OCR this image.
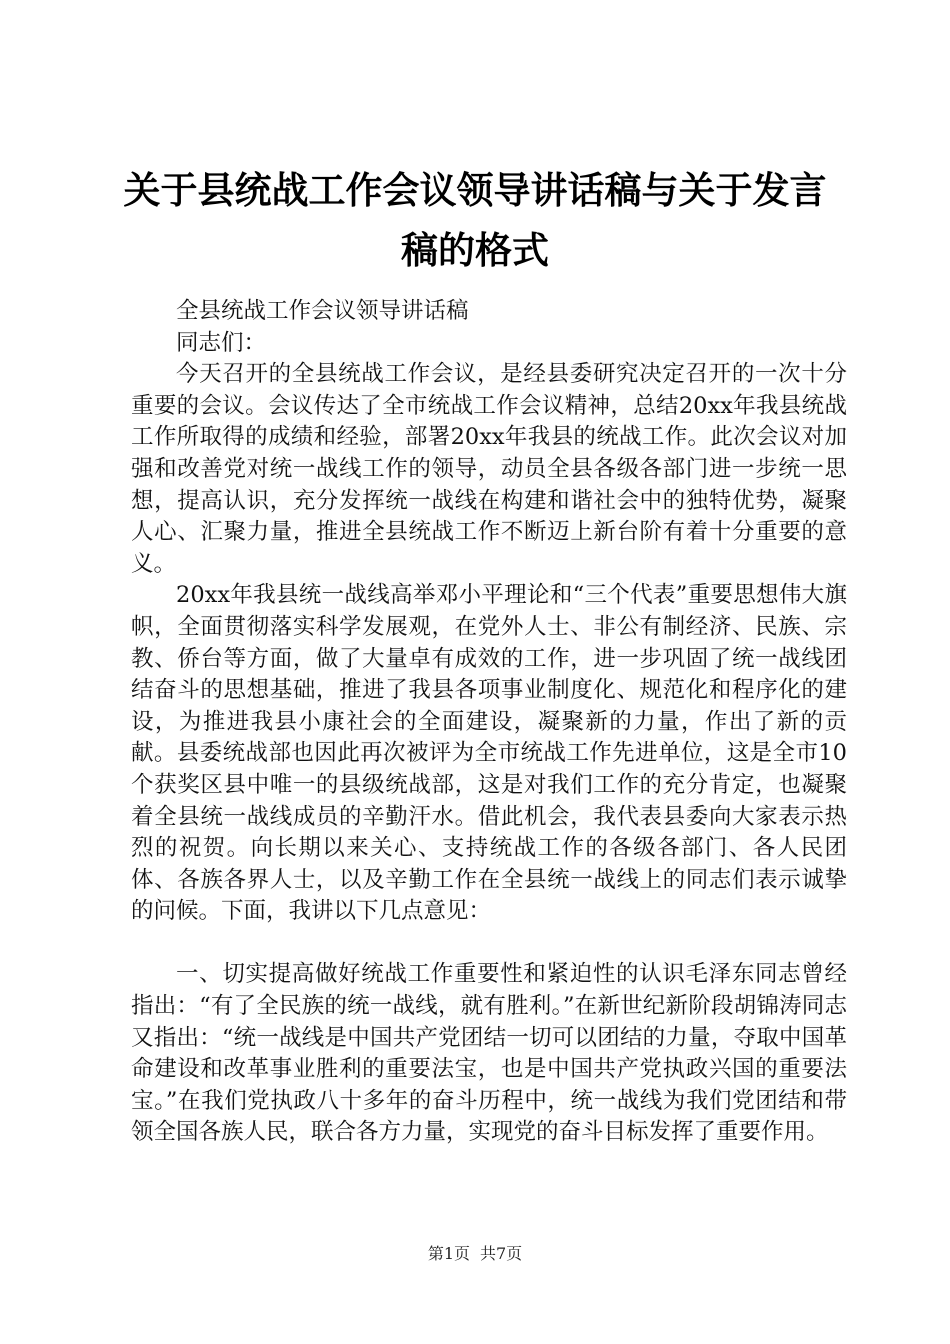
关于县统战工作会议领导讲话稿与关于发言稿的格式

全县统战工作会议领导讲话稿

同志们：

今天召开的全县统战工作会议，是经县委研究决定召开的一次十分重要的会议。会议传达了全市统战工作会议精神，总结20xx年我县统战工作所取得的成绩和经验，部署20xx年我县的统战工作。此次会议对加强和改善党对统一战线工作的领导，动员全县各级各部门进一步统一思想，提高认识，充分发挥统一战线在构建和谐社会中的独特优势，凝聚人心、汇聚力量，推进全县统战工作不断迈上新台阶有着十分重要的意义。

20xx年我县统一战线高举邓小平理论和“三个代表”重要思想伟大旗帜，全面贯彻落实科学发展观，在党外人士、非公有制经济、民族、宗教、侨台等方面，做了大量卓有成效的工作，进一步巩固了统一战线团结奋斗的思想基础，推进了我县各项事业制度化、规范化和程序化的建设，为推进我县小康社会的全面建设，凝聚新的力量，作出了新的贡献。县委统战部也因此再次被评为全市统战工作先进单位，这是全市10个获奖区县中唯一的县级统战部，这是对我们工作的充分肯定，也凝聚着全县统一战线成员的辛勤汗水。借此机会，我代表县委向大家表示热烈的祝贺。向长期以来关心、支持统战工作的各级各部门、各人民团体、各族各界人士，以及辛勤工作在全县统一战线上的同志们表示诚挚的问候。下面，我讲以下几点意见：

一、切实提高做好统战工作重要性和紧迫性的认识毛泽东同志曾经指出：“有了全民族的统一战线，就有胜利。”在新世纪新阶段胡锦涛同志又指出：“统一战线是中国共产党团结一切可以团结的力量，夺取中国革命建设和改革事业胜利的重要法宝，也是中国共产党执政兴国的重要法宝。”在我们党执政八十多年的奋斗历程中，统一战线为我们党团结和带领全国各族人民，联合各方力量，实现党的奋斗目标发挥了重要作用。

第1页 共7页
